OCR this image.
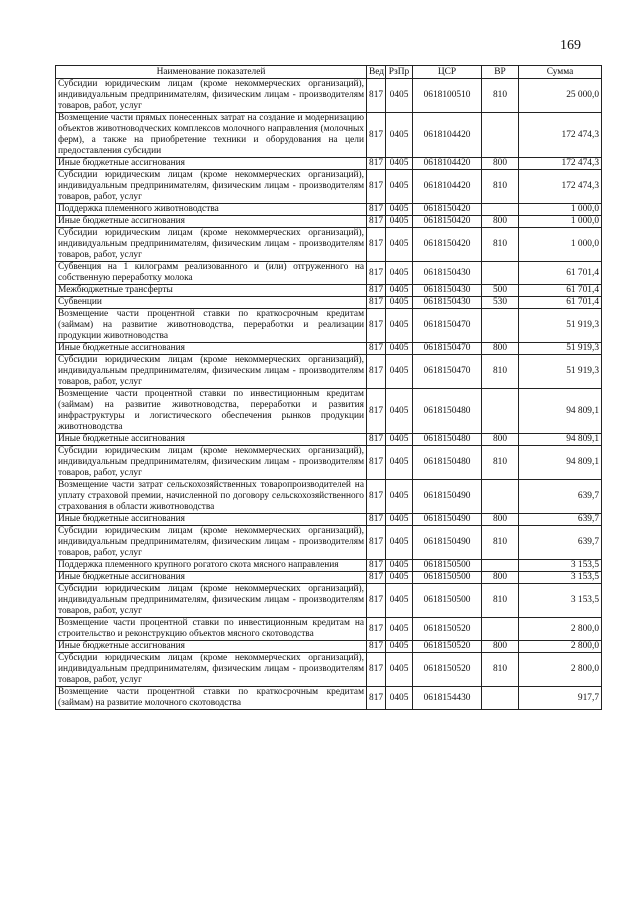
169
Наименование показателей	Вед	РзПр	ЦСР	ВР	Сумма
Субсидии юридическим лицам (кроме некоммерческих организаций), индивидуальным предпринимателям, физическим лицам - производителям товаров, работ, услуг	817	0405	0618100510	810	25 000,0
Возмещение части прямых понесенных затрат на создание и модернизацию объектов животноводческих комплексов молочного направления (молочных ферм), а также на приобретение техники и оборудования на цели предоставления субсидии	817	0405	0618104420		172 474,3
Иные бюджетные ассигнования	817	0405	0618104420	800	172 474,3
Субсидии юридическим лицам (кроме некоммерческих организаций), индивидуальным предпринимателям, физическим лицам - производителям товаров, работ, услуг	817	0405	0618104420	810	172 474,3
Поддержка племенного животноводства	817	0405	0618150420		1 000,0
Иные бюджетные ассигнования	817	0405	0618150420	800	1 000,0
Субсидии юридическим лицам (кроме некоммерческих организаций), индивидуальным предпринимателям, физическим лицам - производителям товаров, работ, услуг	817	0405	0618150420	810	1 000,0
Субвенция на 1 килограмм реализованного и (или) отгруженного на собственную переработку молока	817	0405	0618150430		61 701,4
Межбюджетные трансферты	817	0405	0618150430	500	61 701,4
Субвенции	817	0405	0618150430	530	61 701,4
Возмещение части процентной ставки по краткосрочным кредитам (займам) на развитие животноводства, переработки и реализации продукции животноводства	817	0405	0618150470		51 919,3
Иные бюджетные ассигнования	817	0405	0618150470	800	51 919,3
Субсидии юридическим лицам (кроме некоммерческих организаций), индивидуальным предпринимателям, физическим лицам - производителям товаров, работ, услуг	817	0405	0618150470	810	51 919,3
Возмещение части процентной ставки по инвестиционным кредитам (займам) на развитие животноводства, переработки и развития инфраструктуры и логистического обеспечения рынков продукции животноводства	817	0405	0618150480		94 809,1
Иные бюджетные ассигнования	817	0405	0618150480	800	94 809,1
Субсидии юридическим лицам (кроме некоммерческих организаций), индивидуальным предпринимателям, физическим лицам - производителям товаров, работ, услуг	817	0405	0618150480	810	94 809,1
Возмещение части затрат сельскохозяйственных товаропроизводителей на уплату страховой премии, начисленной по договору сельскохозяйственного страхования в области животноводства	817	0405	0618150490		639,7
Иные бюджетные ассигнования	817	0405	0618150490	800	639,7
Субсидии юридическим лицам (кроме некоммерческих организаций), индивидуальным предпринимателям, физическим лицам - производителям товаров, работ, услуг	817	0405	0618150490	810	639,7
Поддержка племенного крупного рогатого скота мясного направления	817	0405	0618150500		3 153,5
Иные бюджетные ассигнования	817	0405	0618150500	800	3 153,5
Субсидии юридическим лицам (кроме некоммерческих организаций), индивидуальным предпринимателям, физическим лицам - производителям товаров, работ, услуг	817	0405	0618150500	810	3 153,5
Возмещение части процентной ставки по инвестиционным кредитам на строительство и реконструкцию объектов мясного скотоводства	817	0405	0618150520		2 800,0
Иные бюджетные ассигнования	817	0405	0618150520	800	2 800,0
Субсидии юридическим лицам (кроме некоммерческих организаций), индивидуальным предпринимателям, физическим лицам - производителям товаров, работ, услуг	817	0405	0618150520	810	2 800,0
Возмещение части процентной ставки по краткосрочным кредитам (займам) на развитие молочного скотоводства	817	0405	0618154430		917,7
